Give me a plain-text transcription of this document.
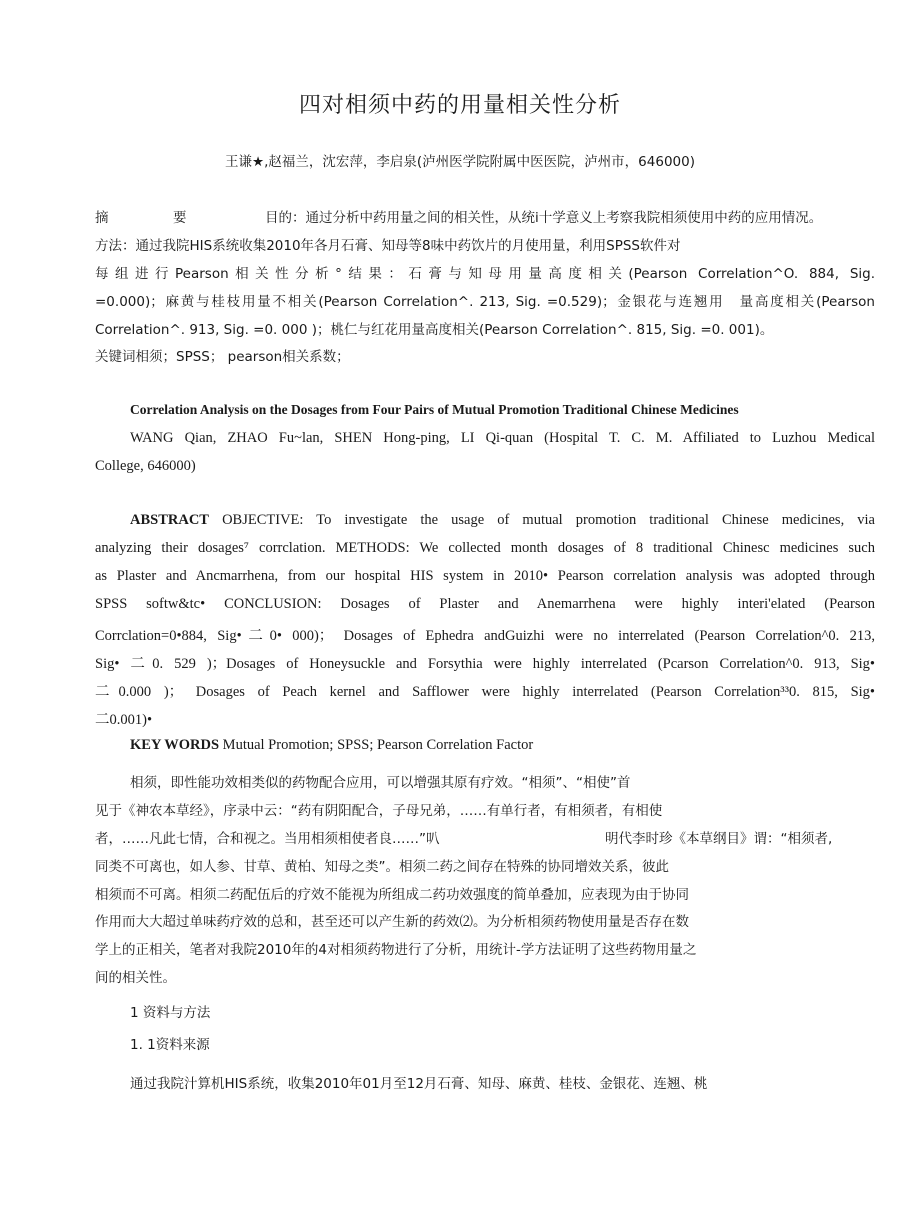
四对相须中药的用量相关性分析
王谦★,赵福兰，沈宏萍，李启泉(泸州医学院附属中医医院，泸州市，646000)
摘	要	目的：通过分析中药用量之间的相关性，从统i十学意义上考察我院相须使用中药的应用情况。
方法：通过我院HIS系统收集2010年各月石膏、知母等8味中药饮片的月使用量，利用SPSS软件对
每组进行Pearson相关性分析°结果：石膏与知母用量高度相关(Pearson Correlation^O. 884, Sig.
=0.000)；麻黄与桂枝用量不相关(Pearson Correlation^. 213, Sig. =0.529)；金银花与连翘用　量高度相关(Pearson
Correlation^. 913, Sig. =0. 000 )；桃仁与红花用量高度相关(Pearson Correlation^. 815, Sig. =0. 001)。
关键词相须；SPSS； pearson相关系数；
Correlation Analysis on the Dosages from Four Pairs of Mutual Promotion Traditional Chinese Medicines
WANG Qian, ZHAO Fu~lan, SHEN Hong-ping, LI Qi-quan (Hospital T. C. M. Affiliated to Luzhou Medical
College, 646000)
ABSTRACT OBJECTIVE: To investigate the usage of mutual promotion traditional Chinese medicines, via
analyzing their dosages⁷ corrclation. METHODS: We collected month dosages of 8 traditional Chinesc medicines such
as Plaster and Ancmarrhena, from our hospital HIS system in 2010• Pearson correlation analysis was adopted through
SPSS softw&tc• CONCLUSION: Dosages of Plaster and Anemarrhena were highly interi'elated (Pearson
Corrclation=0•884, Sig•二0• 000)； Dosages of Ephedra andGuizhi were no interrelated (Pearson Correlation^0. 213,
Sig• 二0. 529 )；Dosages of Honeysuckle and Forsythia were highly interrelated (Pcarson Correlation^0. 913, Sig•
二0.000 )； Dosages of Peach kernel and Safflower were highly interrelated (Pearson Correlation³³0. 815, Sig•
二0.001)•
KEY WORDS Mutual Promotion; SPSS; Pearson Correlation Factor
相须，即性能功效相类似的药物配合应用，可以增强其原有疗效。“相须”、“相使”首
见于《神农本草经》，序录中云：“药有阴阳配合，子母兄弟，……有单行者，有相须者，有相使
者，……凡此七情，合和视之。当用相须相使者良……”叭	明代李时珍《本草纲目》谓：“相须者,
同类不可离也，如人参、甘草、黄柏、知母之类”。相须二药之间存在特殊的协同增效关系，彼此
相须而不可离。相须二药配伍后的疗效不能视为所组成二药功效强度的简单叠加，应表现为由于协同
作用而大大超过单味药疗效的总和，甚至还可以产生新的药效⑵。为分析相须药物使用量是否存在数
学上的正相关，笔者对我院2010年的4对相须药物进行了分析，用统计-学方法证明了这些药物用量之
间的相关性。
1 资料与方法
1. 1资料来源
通过我院汁算机HIS系统，收集2010年01月至12月石膏、知母、麻黄、桂枝、金银花、连翘、桃
